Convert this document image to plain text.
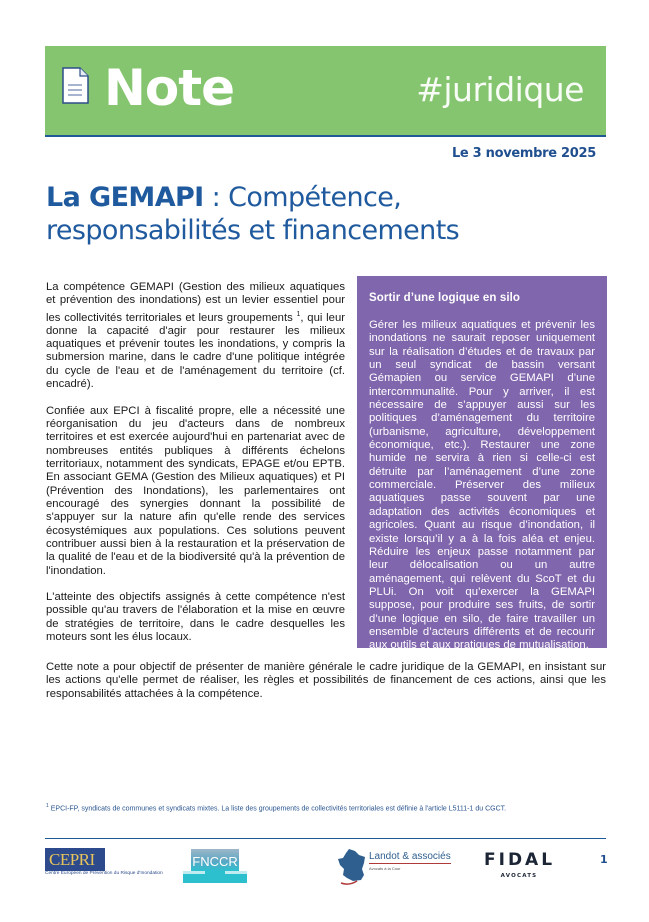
Note	#juridique
Le 3 novembre 2025
La GEMAPI : Compétence, responsabilités et financements

La compétence GEMAPI (Gestion des milieux aquatiques et prévention des inondations) est un levier essentiel pour les collectivités territoriales et leurs groupements $^1$, qui leur donne la capacité d'agir pour restaurer les milieux aquatiques et prévenir toutes les inondations, y compris la submersion marine, dans le cadre d'une politique intégrée du cycle de l'eau et de l'aménagement du territoire (cf. encadré).

Confiée aux EPCI à fiscalité propre, elle a nécessité une réorganisation du jeu d'acteurs dans de nombreux territoires et est exercée aujourd'hui en partenariat avec de nombreuses entités publiques à différents échelons territoriaux, notamment des syndicats, EPAGE et/ou EPTB. En associant GEMA (Gestion des Milieux aquatiques) et PI (Prévention des Inondations), les parlementaires ont encouragé des synergies donnant la possibilité de s'appuyer sur la nature afin qu'elle rende des services écosystémiques aux populations. Ces solutions peuvent contribuer aussi bien à la restauration et la préservation de la qualité de l'eau et de la biodiversité qu'à la prévention de l'inondation.

L'atteinte des objectifs assignés à cette compétence n'est possible qu'au travers de l'élaboration et la mise en œuvre de stratégies de territoire, dans le cadre desquelles les moteurs sont les élus locaux.

Sortir d’une logique en silo
Gérer les milieux aquatiques et prévenir les inondations ne saurait reposer uniquement sur la réalisation d’études et de travaux par un seul syndicat de bassin versant Gémapien ou service GEMAPI d’une intercommunalité. Pour y arriver, il est nécessaire de s’appuyer aussi sur les politiques d’aménagement du territoire (urbanisme, agriculture, développement économique, etc.). Restaurer une zone humide ne servira à rien si celle-ci est détruite par l’aménagement d’une zone commerciale. Préserver des milieux aquatiques passe souvent par une adaptation des activités économiques et agricoles. Quant au risque d’inondation, il existe lorsqu’il y a à la fois aléa et enjeu. Réduire les enjeux passe notamment par leur délocalisation ou un autre aménagement, qui relèvent du ScoT et du PLUi. On voit qu’exercer la GEMAPI suppose, pour produire ses fruits, de sortir d’une logique en silo, de faire travailler un ensemble d’acteurs différents et de recourir aux outils et aux pratiques de mutualisation.

Cette note a pour objectif de présenter de manière générale le cadre juridique de la GEMAPI, en insistant sur les actions qu'elle permet de réaliser, les règles et possibilités de financement de ces actions, ainsi que les responsabilités attachées à la compétence.

$^1$ EPCI-FP, syndicats de communes et syndicats mixtes. La liste des groupements de collectivités territoriales est définie à l'article L5111-1 du CGCT.
CEPRI
Centre Européen de Prévention du Risque d'Inondation
FNCCR	Landot & associés
Avocats à la Cour	FIDAL
AVOCATS
1
